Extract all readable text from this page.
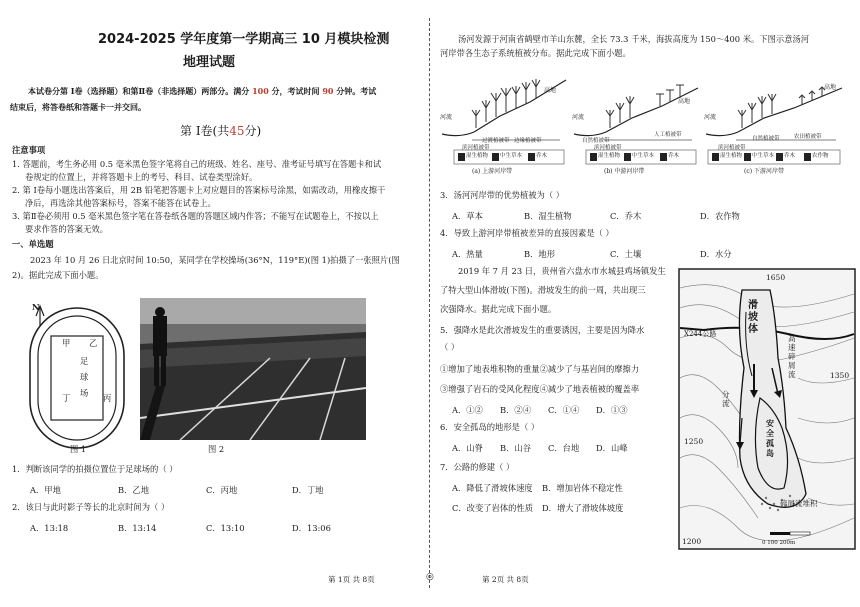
2024-2025 学年度第一学期高三 10 月模块检测
地理试题
本试卷分第 Ⅰ卷（选择题）和第Ⅱ卷（非选择题）两部分。满分 100 分，考试时间 90 分钟。考试
结束后，将答卷纸和答题卡一并交回。
第 Ⅰ卷(共45分)
注意事项
1. 答题前，考生务必用 0.5 毫米黑色签字笔将自己的班级、姓名、座号、准考证号填写在答题卡和试
卷规定的位置上，并将答题卡上的考号、科目、试卷类型涂好。
2. 第 Ⅰ卷每小题选出答案后，用 2B 铅笔把答题卡上对应题目的答案标号涂黑，如需改动，用橡皮擦干
净后，再选涂其他答案标号，答案不能答在试卷上。
3. 第Ⅱ卷必须用 0.5 毫米黑色签字笔在答卷纸各题的答题区域内作答；不能写在试题卷上，不按以上
要求作答的答案无效。
一、单选题
2023 年 10 月 26 日北京时间 10:50，某同学在学校操场(36°N，119°E)(图 1)拍摄了一张照片(图
2)。据此完成下面小题。
N
甲 乙
足
球
场
丁	丙
图 1	图 2
1．判断该同学的拍摄位置位于足球场的（ ）
A．甲地	B．乙地	C．丙地	D．丁地
2．该日与此时影子等长的北京时间为（ ）
A．13:18	B．13:14	C．13:10	D．13:06
第 1页 共 8页	◎
汤河发源于河南省鹤壁市羊山东麓，全长 73.3 千米，海拔高度为 150～400 米。下图示意汤河
河岸带各生态子系统植被分布。据此完成下面小题。
河流
高地
过渡植被带 边缘植被带
滨河植被带
湿生植物 中生草本	乔木
(a) 上游河岸带
河流
高地
人工植被带
自然植被带
滨河植被带
湿生植物 中生草本	乔木
(b) 中游河岸带
河流
高地
农田植被带
自然植被带
滨河植被带
湿生植物 中生草本 乔木	农作物
(c) 下游河岸带
3．汤河河岸带的优势植被为（ ）
A．草本	B．湿生植物	C．乔木	D．农作物
4．导致上游河岸带植被差异的直接因素是（ ）
A．热量	B．地形	C．土壤	D．水分
2019 年 7 月 23 日，贵州省六盘水市水城县鸡场镇发生
了特大型山体滑坡(下图)。滑坡发生的前一周，共出现三
次强降水。据此完成下面小题。
5．强降水是此次滑坡发生的重要诱因，主要是因为降水
（ ）
①增加了地表堆积物的重量②减少了与基岩间的摩擦力
③增强了岩石的受风化程度④减少了地表植被的覆盖率
A．①② B．②④ C．①④ D．①③
6．安全孤岛的地形是（ ）
A．山脊 B．山谷 C．台地 D．山峰
7．公路的修建（ ）
A．降低了滑坡体速度 B．增加岩体不稳定性
C．改变了岩体的性质 D．增大了滑坡体坡度
1650
1350
1250
1200
X244公路
滑坡体
高速碎屑流
分流
安全孤岛
碎屑流堆积
0 100 200m
第 2页 共 8页
